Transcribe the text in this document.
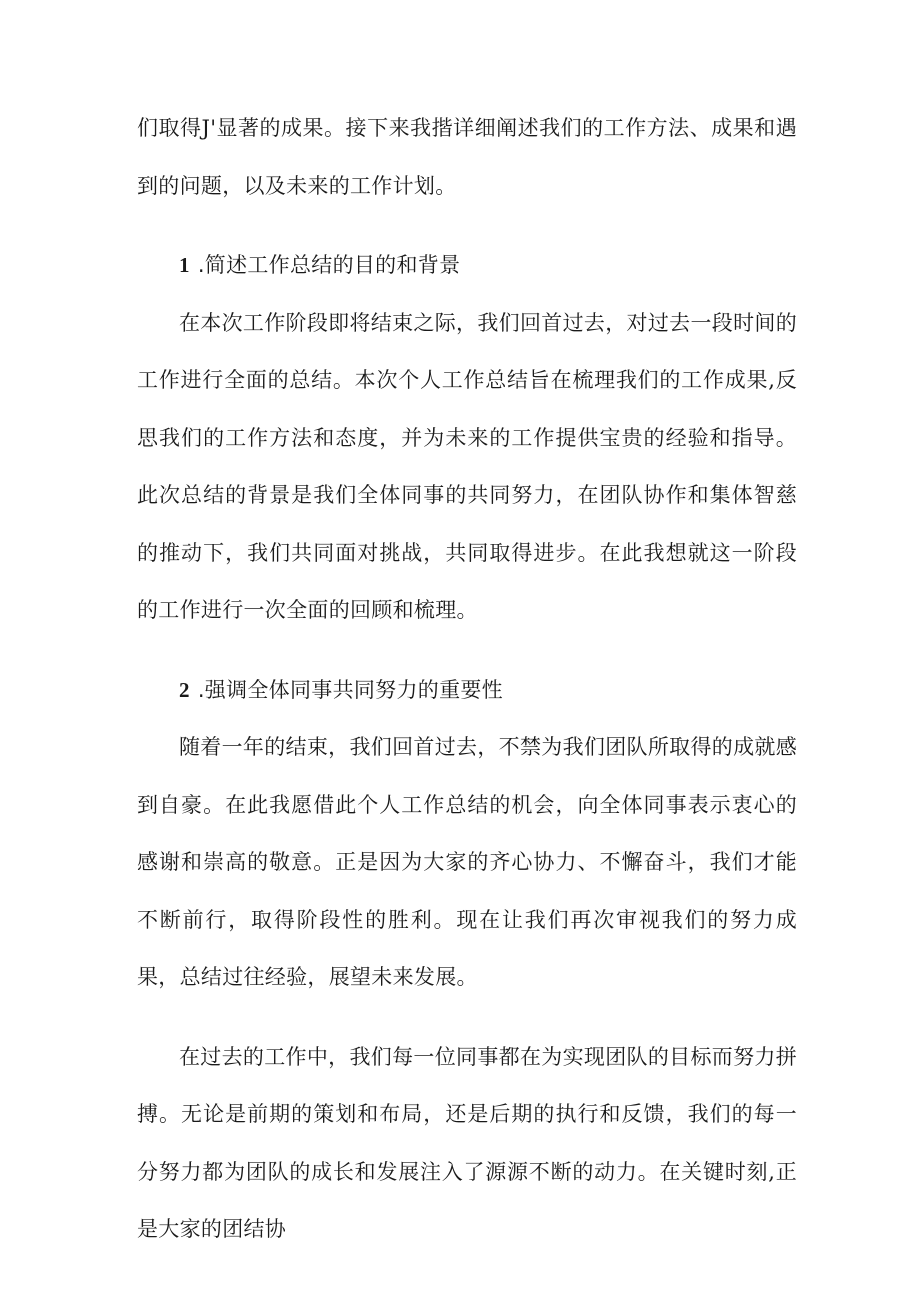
们取得J'显著的成果。接下来我揩详细阐述我们的工作方法、成果和遇到的问题，以及未来的工作计划。

1 .简述工作总结的目的和背景

在本次工作阶段即将结束之际，我们回首过去，对过去一段时间的工作进行全面的总结。本次个人工作总结旨在梳理我们的工作成果,反思我们的工作方法和态度，并为未来的工作提供宝贵的经验和指导。此次总结的背景是我们全体同事的共同努力，在团队协作和集体智慈的推动下，我们共同面对挑战，共同取得进步。在此我想就这一阶段的工作进行一次全面的回顾和梳理。

2 .强调全体同事共同努力的重要性

随着一年的结束，我们回首过去，不禁为我们团队所取得的成就感到自豪。在此我愿借此个人工作总结的机会，向全体同事表示衷心的感谢和崇高的敬意。正是因为大家的齐心协力、不懈奋斗，我们才能不断前行，取得阶段性的胜利。现在让我们再次审视我们的努力成果，总结过往经验，展望未来发展。

在过去的工作中，我们每一位同事都在为实现团队的目标而努力拼搏。无论是前期的策划和布局，还是后期的执行和反馈，我们的每一分努力都为团队的成长和发展注入了源源不断的动力。在关键时刻,正是大家的团结协
